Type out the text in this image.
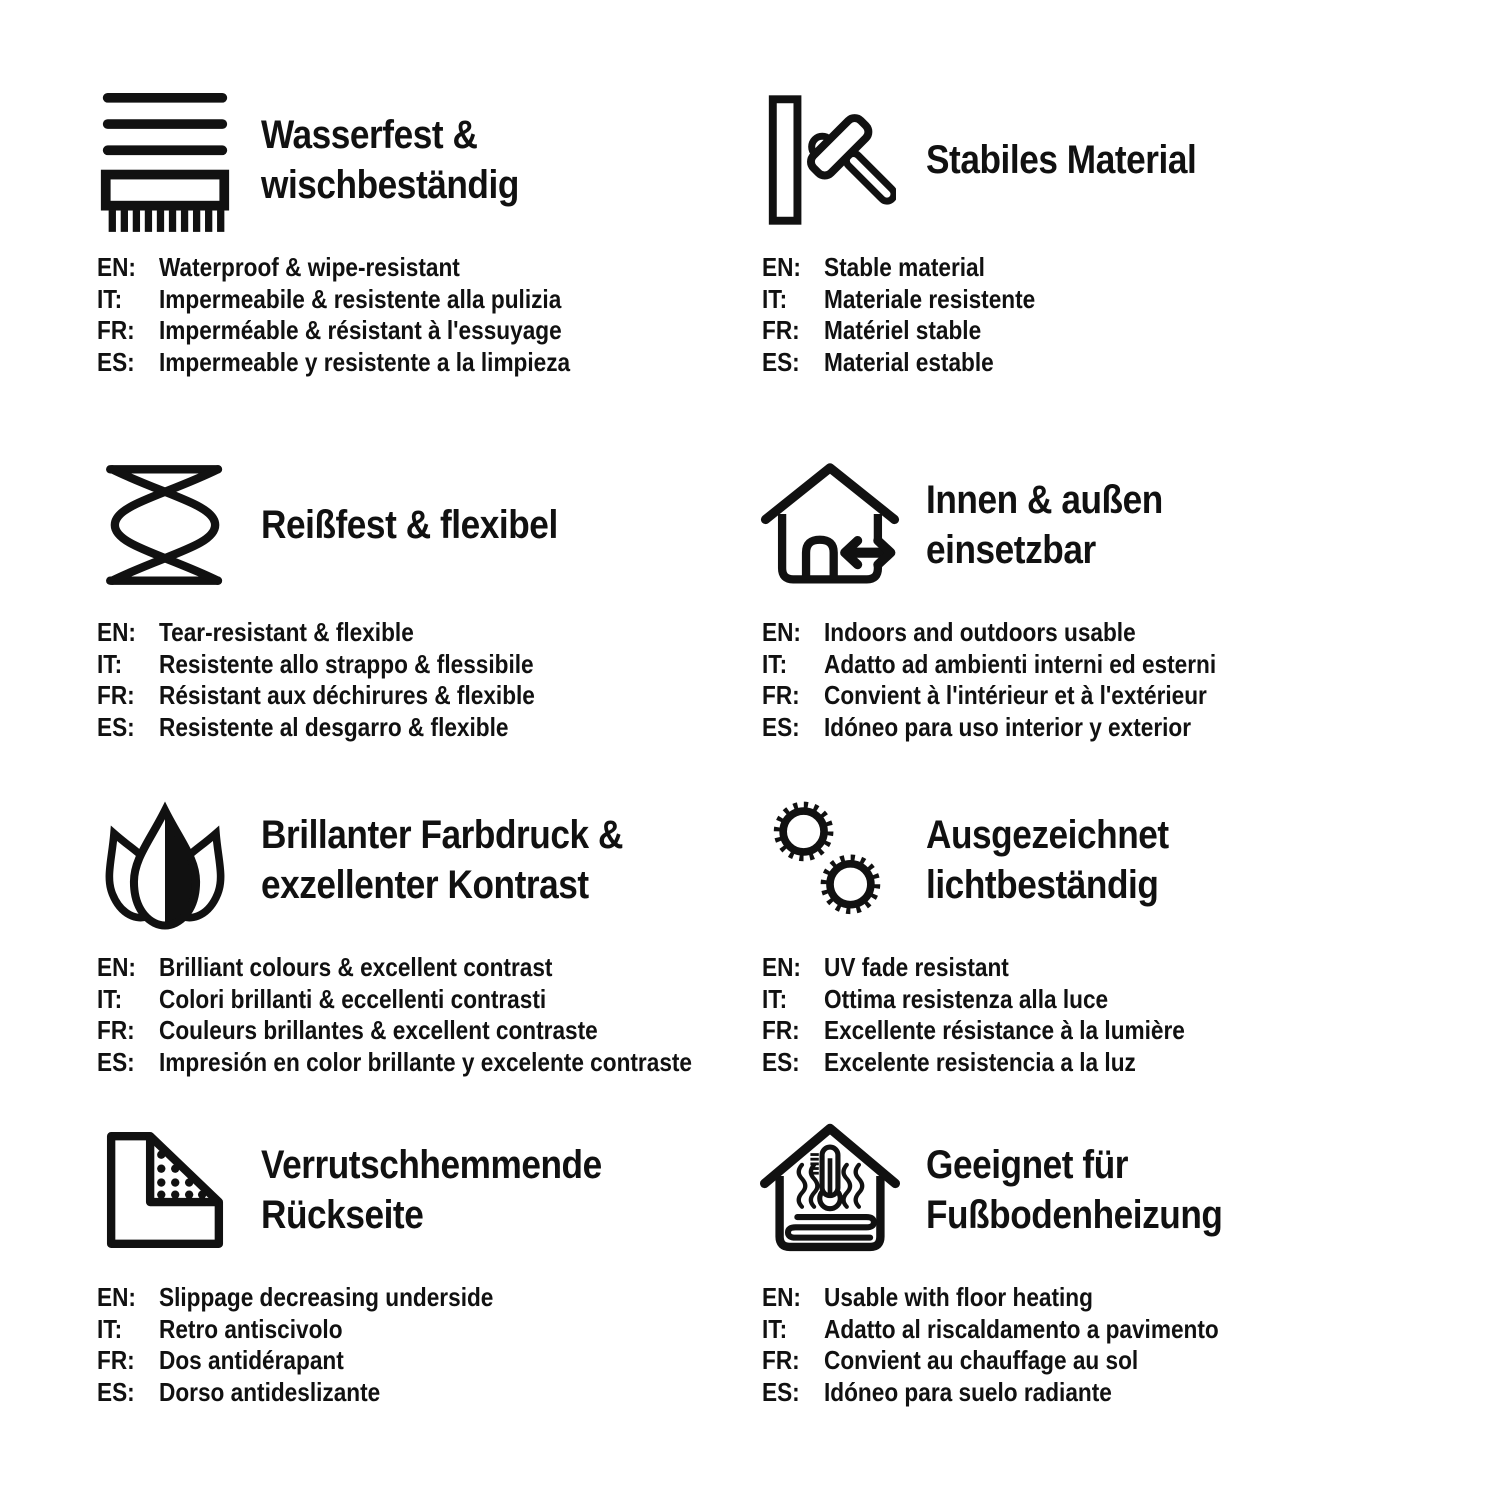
Wasserfest &
wischbeständig
EN: Waterproof & wipe-resistant
IT:	Impermeabile & resistente alla pulizia
FR: Imperméable & résistant à l'essuyage
ES: Impermeable y resistente a la limpieza
Stabiles Material
EN: Stable material
IT:	Materiale resistente
FR: Matériel stable
ES: Material estable
Reißfest & flexibel
EN: Tear-resistant & flexible
IT:	Resistente allo strappo & flessibile
FR: Résistant aux déchirures & flexible
ES: Resistente al desgarro & flexible
Innen & außen
einsetzbar
EN: Indoors and outdoors usable
IT:	Adatto ad ambienti interni ed esterni
FR: Convient à l'intérieur et à l'extérieur
ES: Idóneo para uso interior y exterior
Brillanter Farbdruck &
exzellenter Kontrast
EN: Brilliant colours & excellent contrast
IT:	Colori brillanti & eccellenti contrasti
FR: Couleurs brillantes & excellent contraste
ES: Impresión en color brillante y excelente contraste
Ausgezeichnet
lichtbeständig
EN: UV fade resistant
IT:	Ottima resistenza alla luce
FR: Excellente résistance à la lumière
ES: Excelente resistencia a la luz
Verrutschhemmende
Rückseite
EN: Slippage decreasing underside
IT:	Retro antiscivolo
FR: Dos antidérapant
ES: Dorso antideslizante
Geeignet für
Fußbodenheizung
EN: Usable with floor heating
IT:	Adatto al riscaldamento a pavimento
FR: Convient au chauffage au sol
ES: Idóneo para suelo radiante
